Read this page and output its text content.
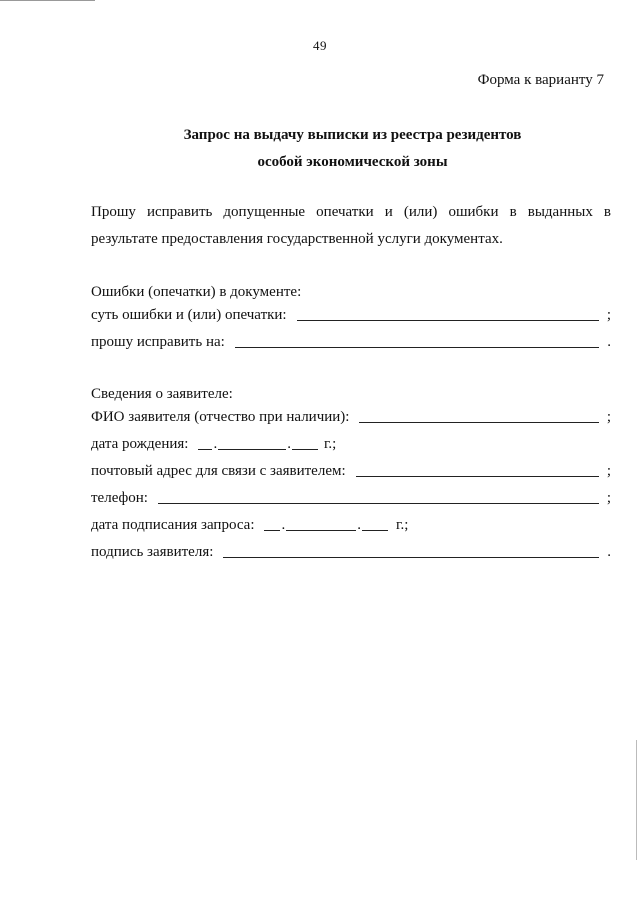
49
Форма к варианту 7
Запрос на выдачу выписки из реестра резидентов
особой экономической зоны
Прошу исправить допущенные опечатки и (или) ошибки в выданных в результате предоставления государственной услуги документах.
Ошибки (опечатки) в документе:
суть ошибки и (или) опечатки:	;
прошу исправить на:	.
Сведения о заявителе:
ФИО заявителя (отчество при наличии):	;
дата рождения:	.	.	г.;
почтовый адрес для связи с заявителем:	;
телефон:	;
дата подписания запроса:	.	.	г.;
подпись заявителя:	.
